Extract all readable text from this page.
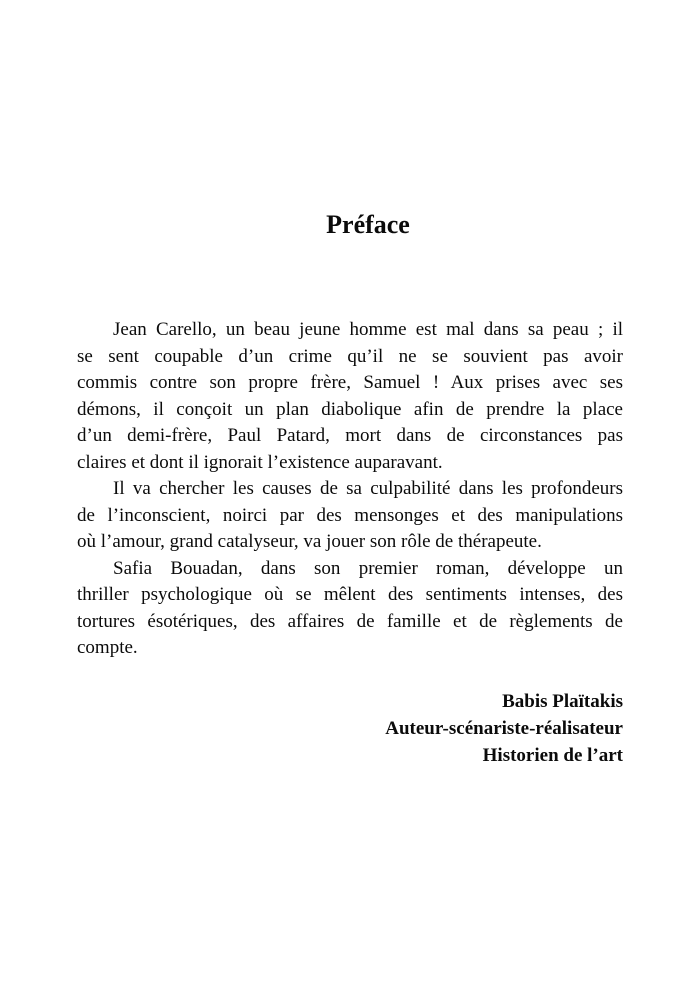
Préface
Jean Carello, un beau jeune homme est mal dans sa peau ; il
se sent coupable d’un crime qu’il ne se souvient pas avoir
commis contre son propre frère, Samuel ! Aux prises avec ses
démons, il conçoit un plan diabolique afin de prendre la place
d’un demi-frère, Paul Patard, mort dans de circonstances pas
claires et dont il ignorait l’existence auparavant.
Il va chercher les causes de sa culpabilité dans les profondeurs
de l’inconscient, noirci par des mensonges et des manipulations
où l’amour, grand catalyseur, va jouer son rôle de thérapeute.
Safia Bouadan, dans son premier roman, développe un
thriller psychologique où se mêlent des sentiments intenses, des
tortures ésotériques, des affaires de famille et de règlements de
compte.
Babis Plaïtakis
Auteur-scénariste-réalisateur
Historien de l’art
